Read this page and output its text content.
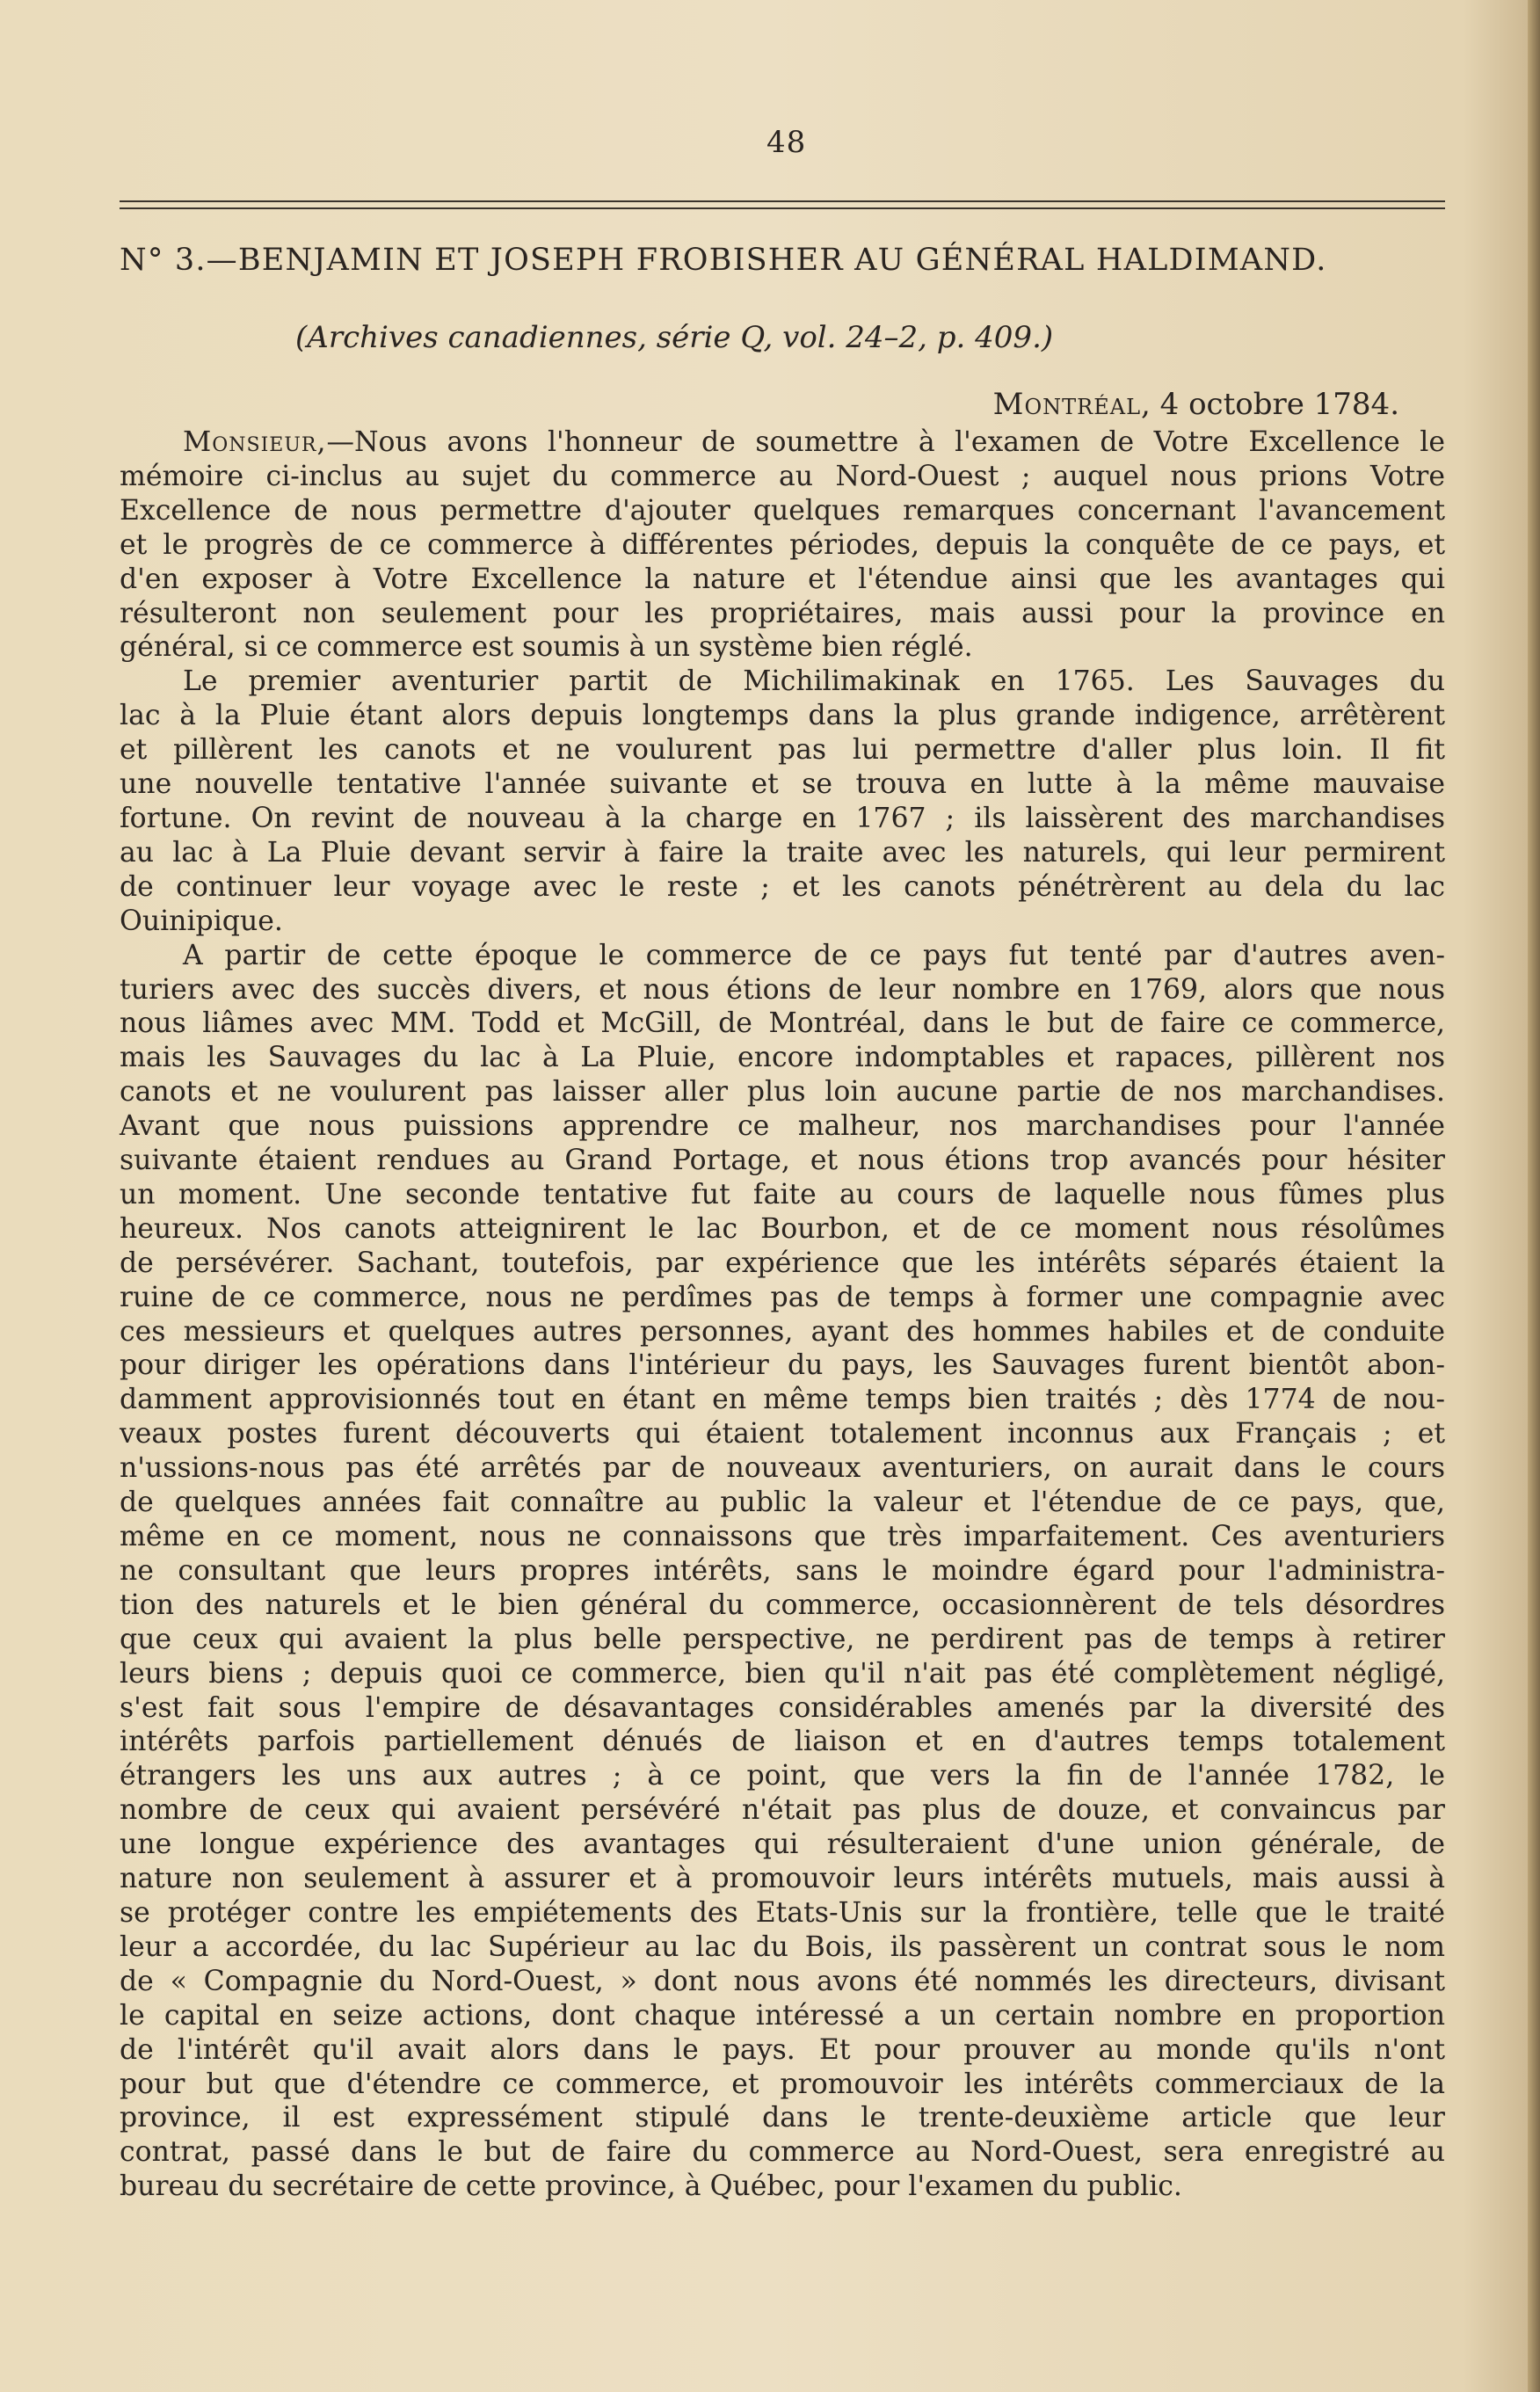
48
N° 3.—BENJAMIN ET JOSEPH FROBISHER AU GÉNÉRAL HALDIMAND.
(Archives canadiennes, série Q, vol. 24–2, p. 409.)
Montréal, 4 octobre 1784.

Monsieur,—Nous avons l'honneur de soumettre à l'examen de Votre Excellence le
mémoire ci-inclus au sujet du commerce au Nord-Ouest ; auquel nous prions Votre
Excellence de nous permettre d'ajouter quelques remarques concernant l'avancement
et le progrès de ce commerce à différentes périodes, depuis la conquête de ce pays, et
d'en exposer à Votre Excellence la nature et l'étendue ainsi que les avantages qui
résulteront non seulement pour les propriétaires, mais aussi pour la province en
général, si ce commerce est soumis à un système bien réglé.

Le premier aventurier partit de Michilimakinak en 1765. Les Sauvages du
lac à la Pluie étant alors depuis longtemps dans la plus grande indigence, arrêtèrent
et pillèrent les canots et ne voulurent pas lui permettre d'aller plus loin. Il fit
une nouvelle tentative l'année suivante et se trouva en lutte à la même mauvaise
fortune. On revint de nouveau à la charge en 1767 ; ils laissèrent des marchandises
au lac à La Pluie devant servir à faire la traite avec les naturels, qui leur permirent
de continuer leur voyage avec le reste ; et les canots pénétrèrent au dela du lac
Ouinipique.

A partir de cette époque le commerce de ce pays fut tenté par d'autres aven-
turiers avec des succès divers, et nous étions de leur nombre en 1769, alors que nous
nous liâmes avec MM. Todd et McGill, de Montréal, dans le but de faire ce commerce,
mais les Sauvages du lac à La Pluie, encore indomptables et rapaces, pillèrent nos
canots et ne voulurent pas laisser aller plus loin aucune partie de nos marchandises.
Avant que nous puissions apprendre ce malheur, nos marchandises pour l'année
suivante étaient rendues au Grand Portage, et nous étions trop avancés pour hésiter
un moment. Une seconde tentative fut faite au cours de laquelle nous fûmes plus
heureux. Nos canots atteignirent le lac Bourbon, et de ce moment nous résolûmes
de persévérer. Sachant, toutefois, par expérience que les intérêts séparés étaient la
ruine de ce commerce, nous ne perdîmes pas de temps à former une compagnie avec
ces messieurs et quelques autres personnes, ayant des hommes habiles et de conduite
pour diriger les opérations dans l'intérieur du pays, les Sauvages furent bientôt abon-
damment approvisionnés tout en étant en même temps bien traités ; dès 1774 de nou-
veaux postes furent découverts qui étaient totalement inconnus aux Français ; et
n'ussions-nous pas été arrêtés par de nouveaux aventuriers, on aurait dans le cours
de quelques années fait connaître au public la valeur et l'étendue de ce pays, que,
même en ce moment, nous ne connaissons que très imparfaitement. Ces aventuriers
ne consultant que leurs propres intérêts, sans le moindre égard pour l'administra-
tion des naturels et le bien général du commerce, occasionnèrent de tels désordres
que ceux qui avaient la plus belle perspective, ne perdirent pas de temps à retirer
leurs biens ; depuis quoi ce commerce, bien qu'il n'ait pas été complètement négligé,
s'est fait sous l'empire de désavantages considérables amenés par la diversité des
intérêts parfois partiellement dénués de liaison et en d'autres temps totalement
étrangers les uns aux autres ; à ce point, que vers la fin de l'année 1782, le
nombre de ceux qui avaient persévéré n'était pas plus de douze, et convaincus par
une longue expérience des avantages qui résulteraient d'une union générale, de
nature non seulement à assurer et à promouvoir leurs intérêts mutuels, mais aussi à
se protéger contre les empiétements des Etats-Unis sur la frontière, telle que le traité
leur a accordée, du lac Supérieur au lac du Bois, ils passèrent un contrat sous le nom
de « Compagnie du Nord-Ouest, » dont nous avons été nommés les directeurs, divisant
le capital en seize actions, dont chaque intéressé a un certain nombre en proportion
de l'intérêt qu'il avait alors dans le pays. Et pour prouver au monde qu'ils n'ont
pour but que d'étendre ce commerce, et promouvoir les intérêts commerciaux de la
province, il est expressément stipulé dans le trente-deuxième article que leur
contrat, passé dans le but de faire du commerce au Nord-Ouest, sera enregistré au
bureau du secrétaire de cette province, à Québec, pour l'examen du public.
